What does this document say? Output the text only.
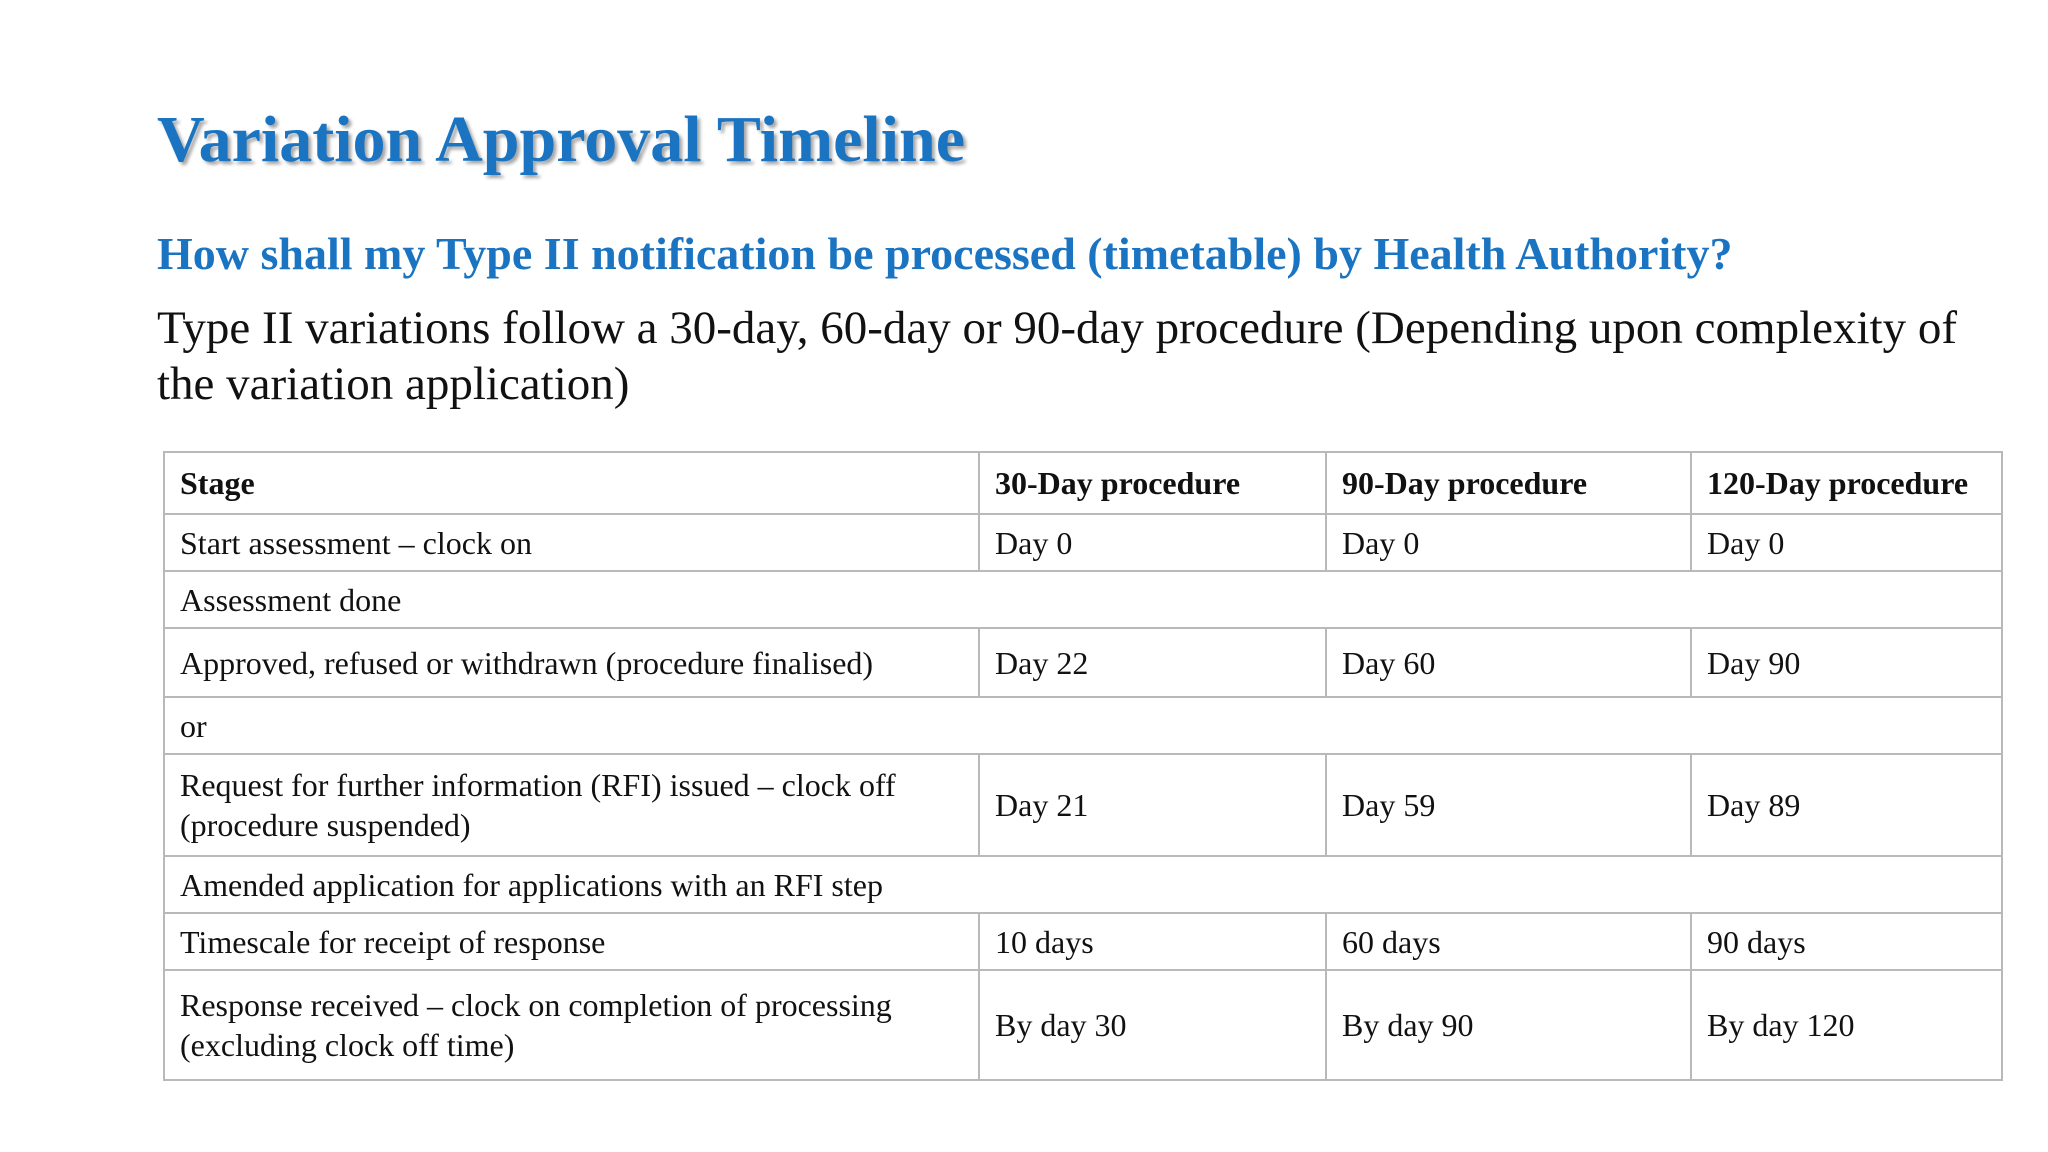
Variation Approval Timeline
How shall my Type II notification be processed (timetable) by Health Authority?

Type II variations follow a 30-day, 60-day or 90-day procedure (Depending upon complexity of the variation application)

Stage	30-Day procedure	90-Day procedure	120-Day procedure
Start assessment – clock on	Day 0	Day 0	Day 0
Assessment done			
Approved, refused or withdrawn (procedure finalised)	Day 22	Day 60	Day 90
or			
Request for further information (RFI) issued – clock off (procedure suspended)	Day 21	Day 59	Day 89
Amended application for applications with an RFI step			
Timescale for receipt of response	10 days	60 days	90 days
Response received – clock on completion of processing (excluding clock off time)	By day 30	By day 90	By day 120
